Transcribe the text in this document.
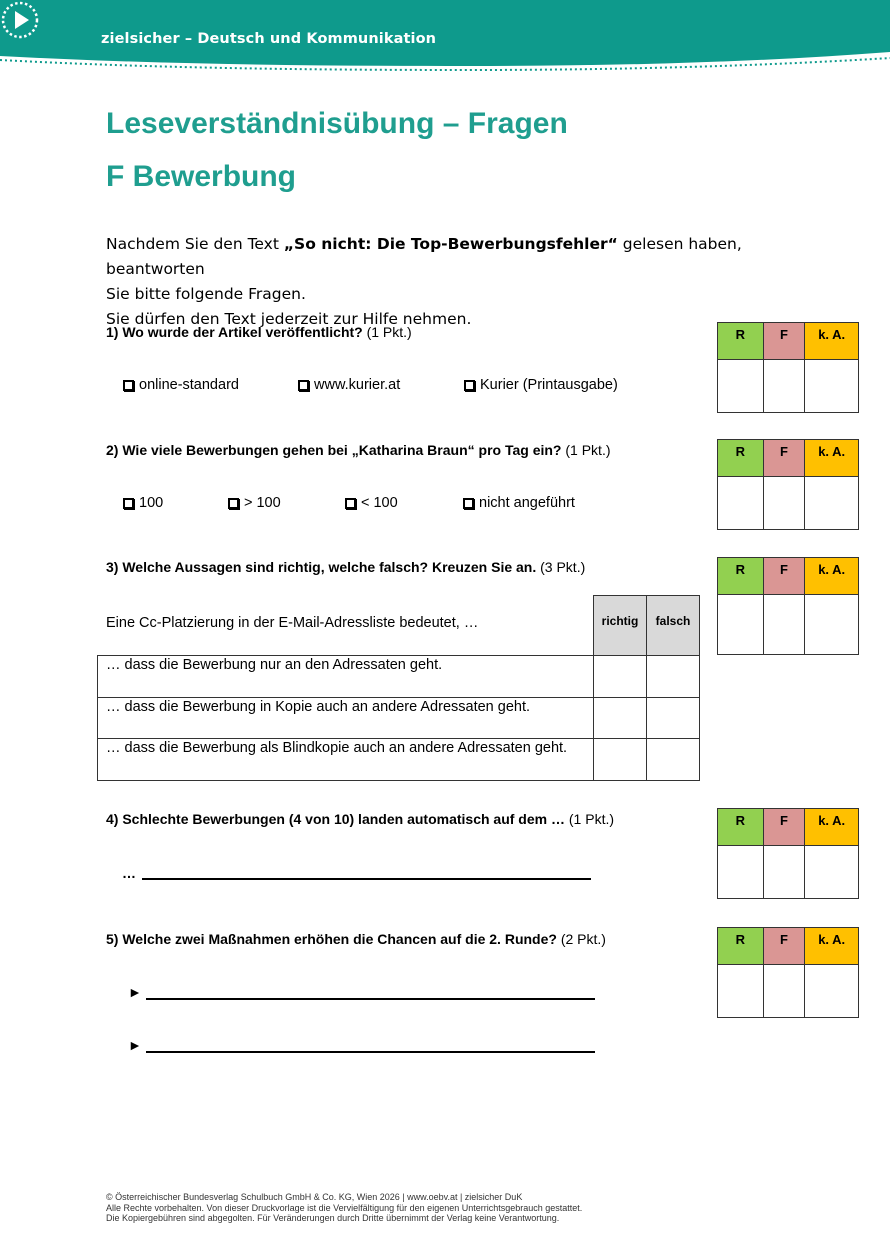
zielsicher – Deutsch und Kommunikation
Leseverständnisübung – Fragen
F Bewerbung
Nachdem Sie den Text „So nicht: Die Top-Bewerbungsfehler“ gelesen haben, beantworten
Sie bitte folgende Fragen.
Sie dürfen den Text jederzeit zur Hilfe nehmen.
1) Wo wurde der Artikel veröffentlicht? (1 Pkt.)
online-standard	www.kurier.at	Kurier (Printausgabe)
R	F	k. A.

2) Wie viele Bewerbungen gehen bei „Katharina Braun“ pro Tag ein? (1 Pkt.)
100	> 100	< 100	nicht angeführt
R	F	k. A.

3) Welche Aussagen sind richtig, welche falsch? Kreuzen Sie an. (3 Pkt.)	R	F	k. A.

Eine Cc-Platzierung in der E-Mail-Adressliste bedeutet, …	richtig	falsch
… dass die Bewerbung nur an den Adressaten geht.		
… dass die Bewerbung in Kopie auch an andere Adressaten geht.		
… dass die Bewerbung als Blindkopie auch an andere Adressaten geht.		
4) Schlechte Bewerbungen (4 von 10) landen automatisch auf dem … (1 Pkt.)
…
R	F	k. A.

5) Welche zwei Maßnahmen erhöhen die Chancen auf die 2. Runde? (2 Pkt.)
►
►
R	F	k. A.

© Österreichischer Bundesverlag Schulbuch GmbH & Co. KG, Wien 2026 | www.oebv.at | zielsicher DuK
Alle Rechte vorbehalten. Von dieser Druckvorlage ist die Vervielfältigung für den eigenen Unterrichtsgebrauch gestattet.
Die Kopiergebühren sind abgegolten. Für Veränderungen durch Dritte übernimmt der Verlag keine Verantwortung.
